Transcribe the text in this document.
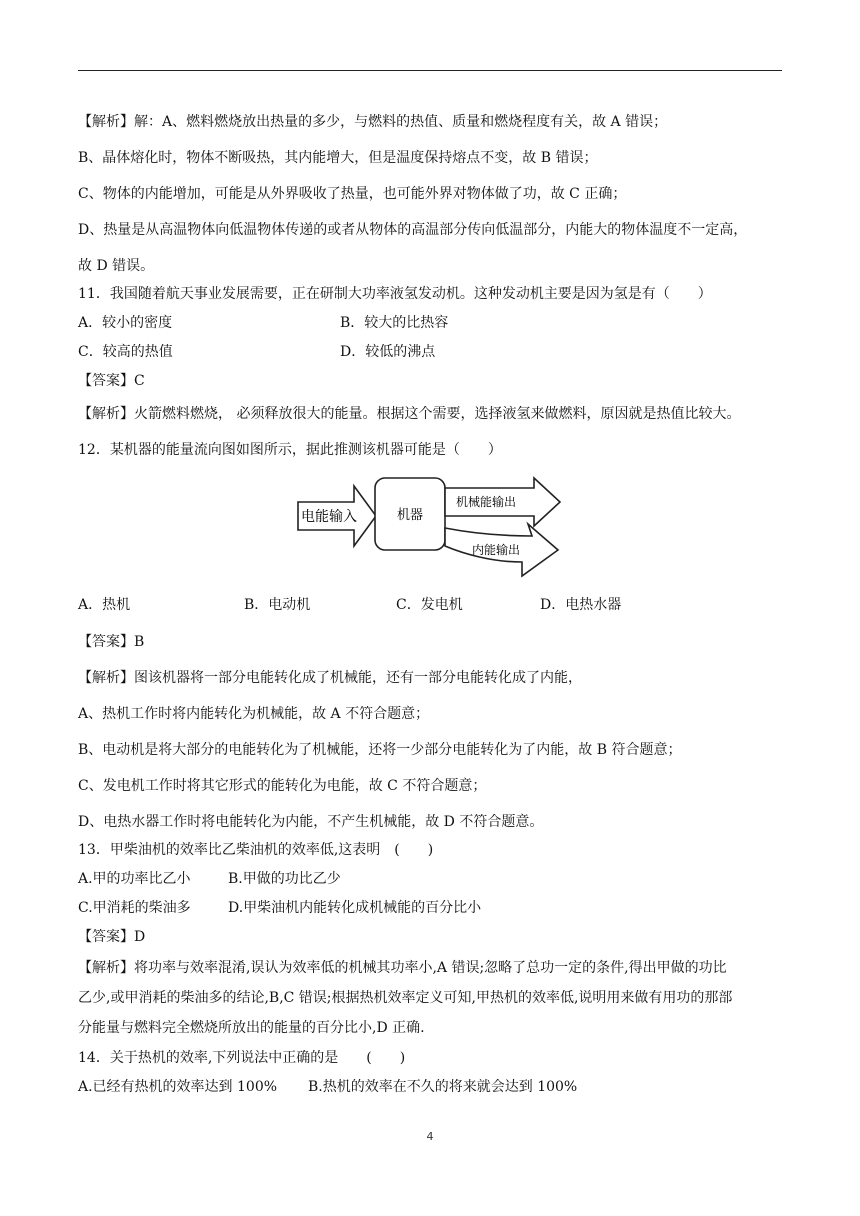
【解析】解：A、燃料燃烧放出热量的多少，与燃料的热值、质量和燃烧程度有关，故 A 错误；
B、晶体熔化时，物体不断吸热，其内能增大，但是温度保持熔点不变，故 B 错误；
C、物体的内能增加，可能是从外界吸收了热量，也可能外界对物体做了功，故 C 正确；
D、热量是从高温物体向低温物体传递的或者从物体的高温部分传向低温部分，内能大的物体温度不一定高，
故 D 错误。
11．我国随着航天事业发展需要，正在研制大功率液氢发动机。这种发动机主要是因为氢是有（　　）
A．较小的密度	B．较大的比热容
C．较高的热值	D．较低的沸点
【答案】C
【解析】火箭燃料燃烧， 必须释放很大的能量。根据这个需要，选择液氢来做燃料，原因就是热值比较大。
12．某机器的能量流向图如图所示，据此推测该机器可能是（　　）
电能输入	机器
机械能输出
内能输出
A．热机	B．电动机	C．发电机	D．电热水器
【答案】B
【解析】图该机器将一部分电能转化成了机械能，还有一部分电能转化成了内能，
A、热机工作时将内能转化为机械能，故 A 不符合题意；
B、电动机是将大部分的电能转化为了机械能，还将一少部分电能转化为了内能，故 B 符合题意；
C、发电机工作时将其它形式的能转化为电能，故 C 不符合题意；
D、电热水器工作时将电能转化为内能，不产生机械能，故 D 不符合题意。
13．甲柴油机的效率比乙柴油机的效率低,这表明　(　　)
A.甲的功率比乙小	B.甲做的功比乙少
C.甲消耗的柴油多	D.甲柴油机内能转化成机械能的百分比小
【答案】D
【解析】将功率与效率混淆,误认为效率低的机械其功率小,A 错误;忽略了总功一定的条件,得出甲做的功比
乙少,或甲消耗的柴油多的结论,B,C 错误;根据热机效率定义可知,甲热机的效率低,说明用来做有用功的那部
分能量与燃料完全燃烧所放出的能量的百分比小,D 正确.
14．关于热机的效率,下列说法中正确的是　　(　　)
A.已经有热机的效率达到 100% B.热机的效率在不久的将来就会达到 100%
4
